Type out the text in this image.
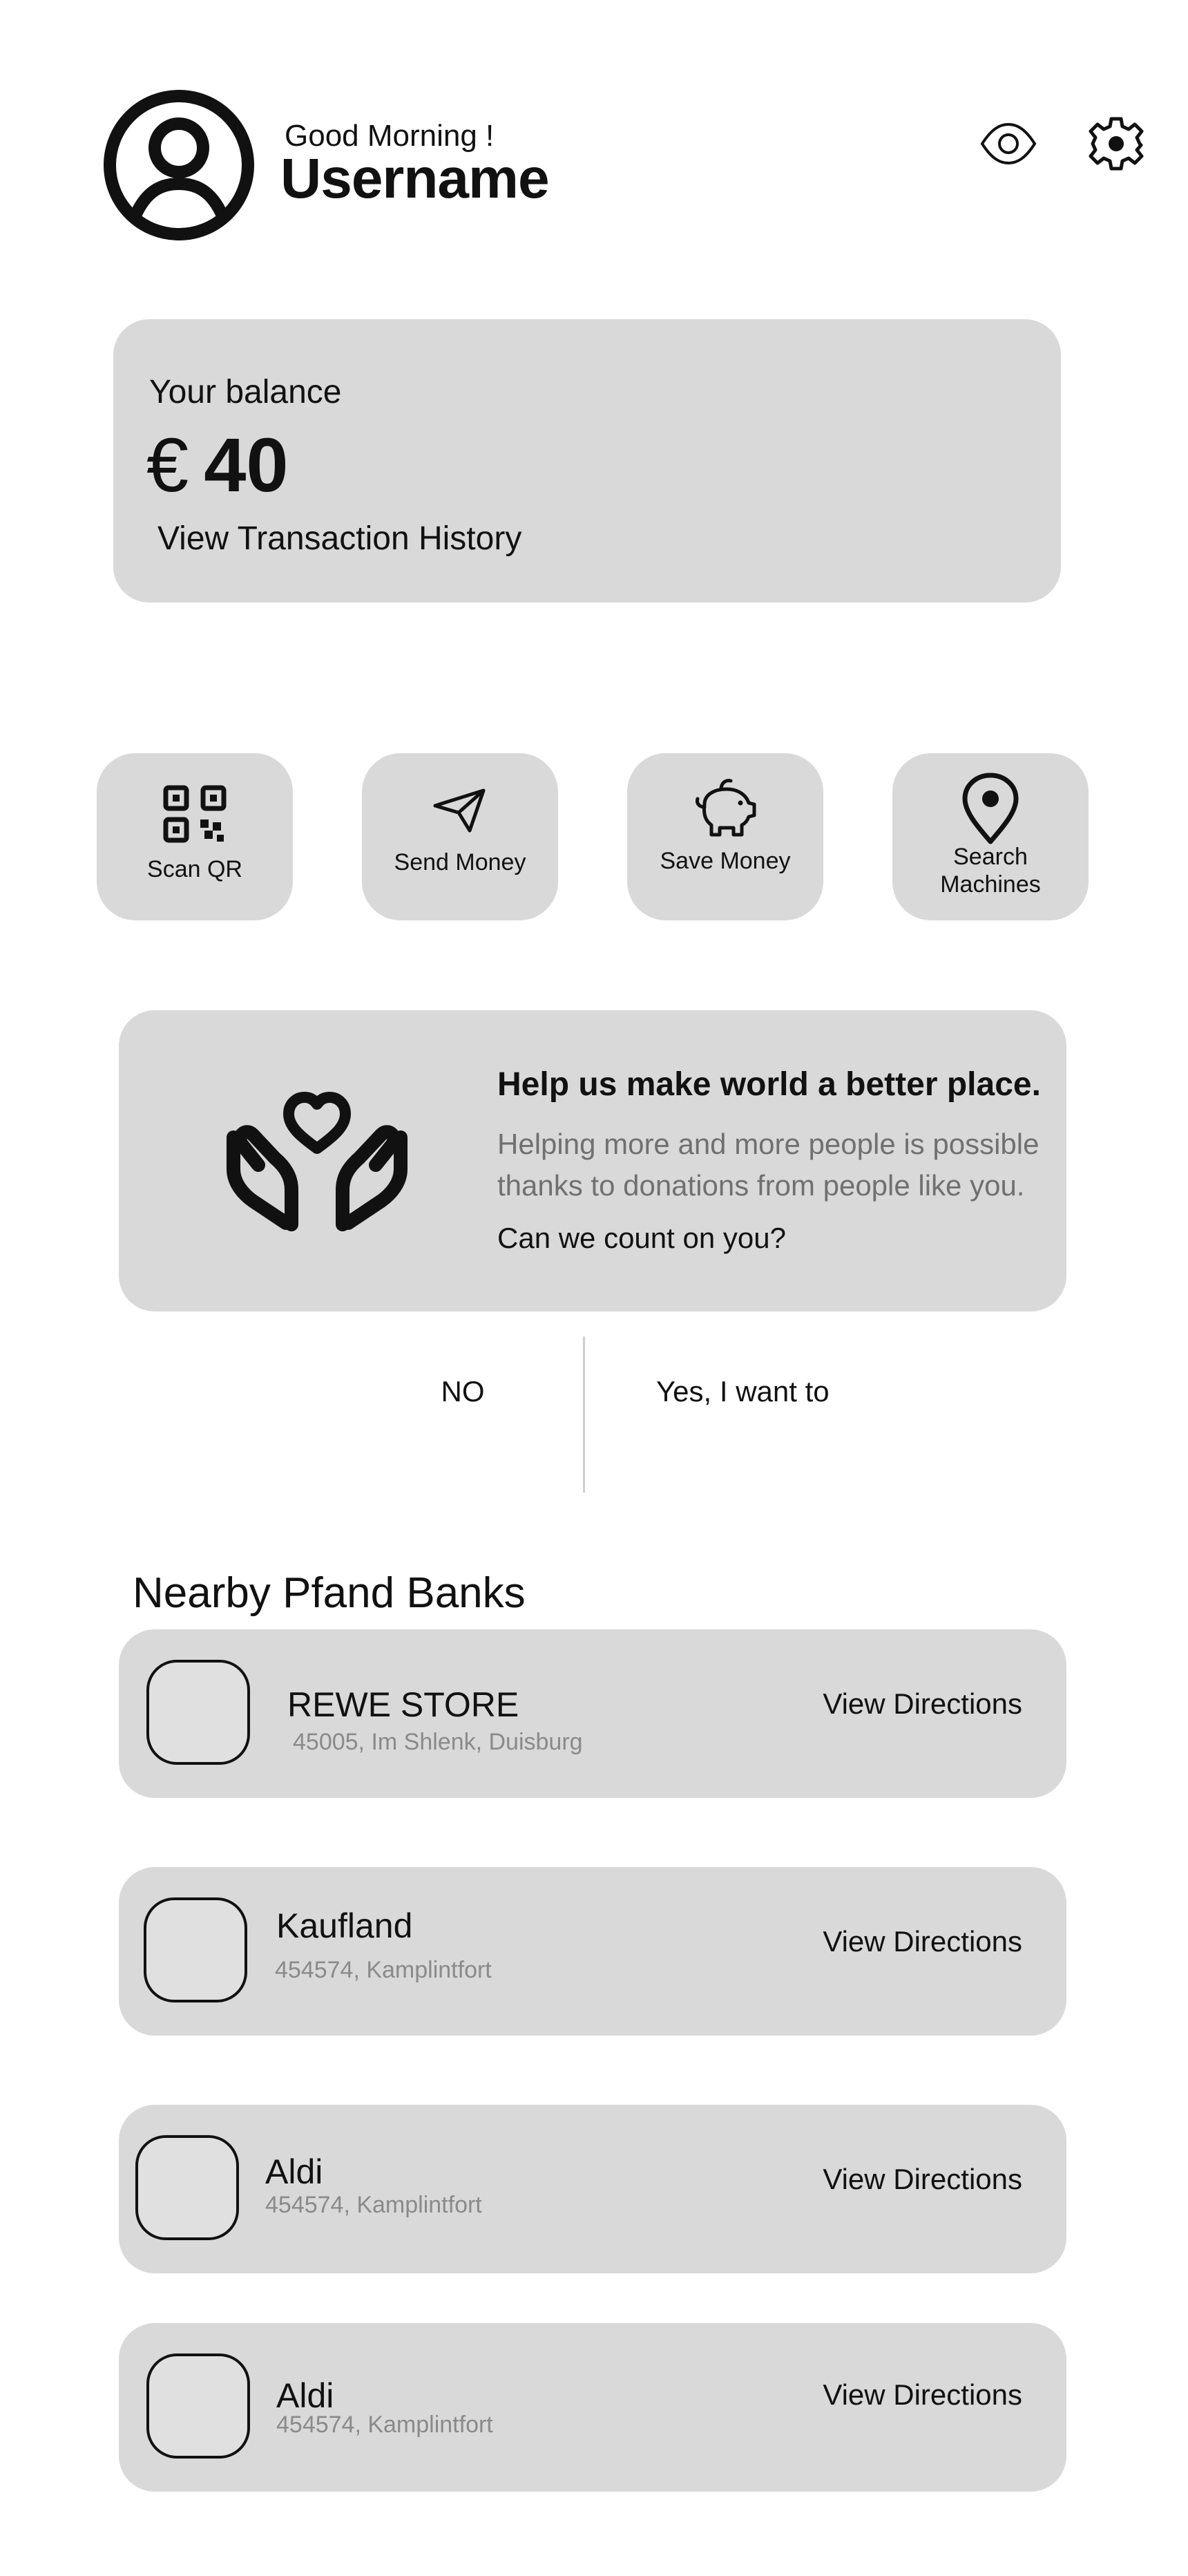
Good Morning !
Username
Your balance
€ 40
View Transaction History
Scan QR	Send Money	Save Money	Search
Machines
Help us make world a better place.
Helping more and more people is possible thanks to donations from people like you.
Can we count on you?
NO	Yes, I want to
Nearby Pfand Banks
REWE STORE
45005, Im Shlenk, Duisburg
View Directions
Kaufland
454574, Kamplintfort
View Directions
Aldi
454574, Kamplintfort
View Directions
Aldi
454574, Kamplintfort
View Directions
